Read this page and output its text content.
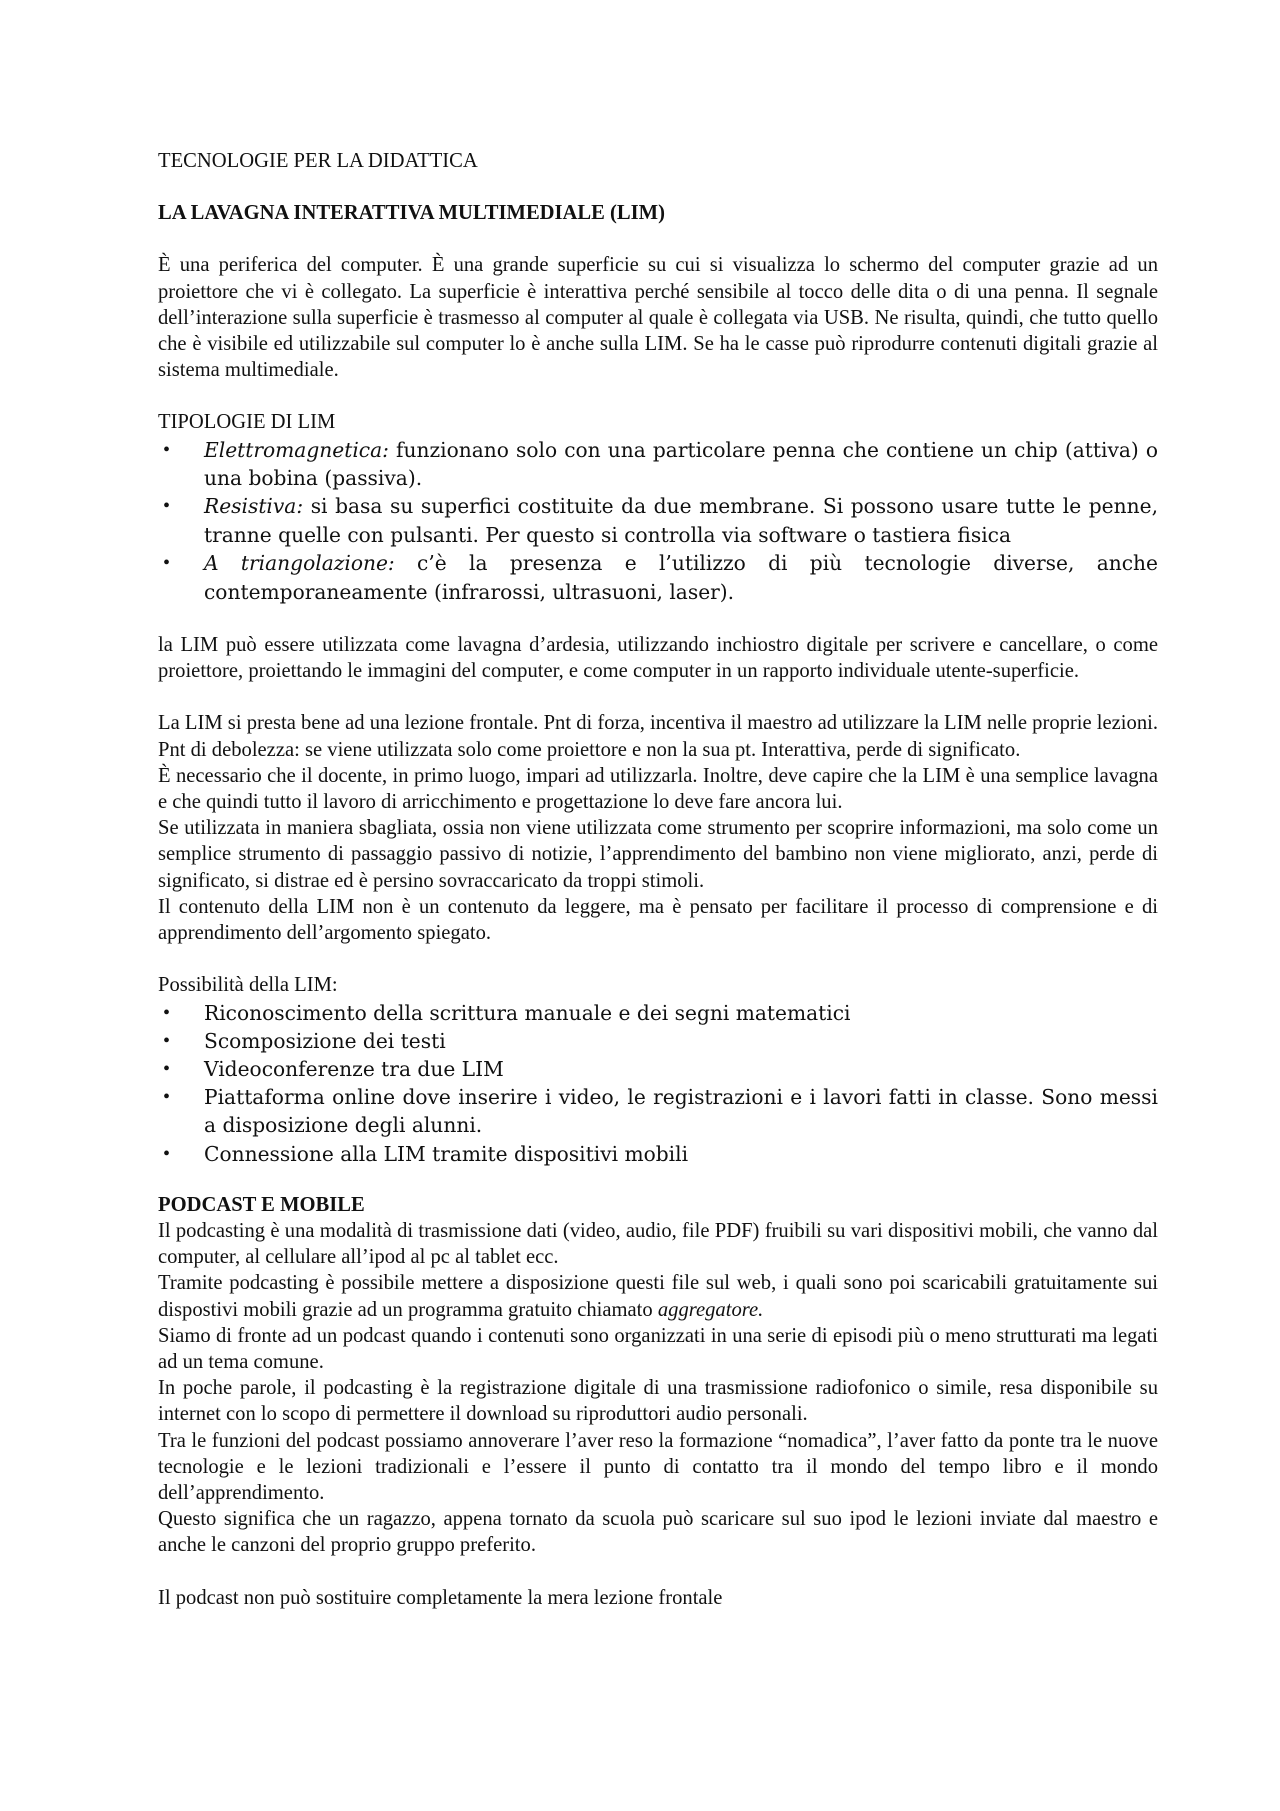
TECNOLOGIE PER LA DIDATTICA

LA LAVAGNA INTERATTIVA MULTIMEDIALE (LIM)

È una periferica del computer. È una grande superficie su cui si visualizza lo schermo del computer grazie ad un proiettore che vi è collegato. La superficie è interattiva perché sensibile al tocco delle dita o di una penna. Il segnale dell’interazione sulla superficie è trasmesso al computer al quale è collegata via USB. Ne risulta, quindi, che tutto quello che è visibile ed utilizzabile sul computer lo è anche sulla LIM. Se ha le casse può riprodurre contenuti digitali grazie al sistema multimediale.

TIPOLOGIE DI LIM

• Elettromagnetica: funzionano solo con una particolare penna che contiene un chip (attiva) o una bobina (passiva).
• Resistiva: si basa su superfici costituite da due membrane. Si possono usare tutte le penne, tranne quelle con pulsanti. Per questo si controlla via software o tastiera fisica
• A triangolazione: c’è la presenza e l’utilizzo di più tecnologie diverse, anche contemporaneamente (infrarossi, ultrasuoni, laser).

la LIM può essere utilizzata come lavagna d’ardesia, utilizzando inchiostro digitale per scrivere e cancellare, o come proiettore, proiettando le immagini del computer, e come computer in un rapporto individuale utente-superficie.

La LIM si presta bene ad una lezione frontale. Pnt di forza, incentiva il maestro ad utilizzare la LIM nelle proprie lezioni. Pnt di debolezza: se viene utilizzata solo come proiettore e non la sua pt. Interattiva, perde di significato.

È necessario che il docente, in primo luogo, impari ad utilizzarla. Inoltre, deve capire che la LIM è una semplice lavagna e che quindi tutto il lavoro di arricchimento e progettazione lo deve fare ancora lui.

Se utilizzata in maniera sbagliata, ossia non viene utilizzata come strumento per scoprire informazioni, ma solo come un semplice strumento di passaggio passivo di notizie, l’apprendimento del bambino non viene migliorato, anzi, perde di significato, si distrae ed è persino sovraccaricato da troppi stimoli.

Il contenuto della LIM non è un contenuto da leggere, ma è pensato per facilitare il processo di comprensione e di apprendimento dell’argomento spiegato.

Possibilità della LIM:

• Riconoscimento della scrittura manuale e dei segni matematici
• Scomposizione dei testi
• Videoconferenze tra due LIM
• Piattaforma online dove inserire i video, le registrazioni e i lavori fatti in classe. Sono messi a disposizione degli alunni.
• Connessione alla LIM tramite dispositivi mobili

PODCAST E MOBILE

Il podcasting è una modalità di trasmissione dati (video, audio, file PDF) fruibili su vari dispositivi mobili, che vanno dal computer, al cellulare all’ipod al pc al tablet ecc.

Tramite podcasting è possibile mettere a disposizione questi file sul web, i quali sono poi scaricabili gratuitamente sui dispostivi mobili grazie ad un programma gratuito chiamato aggregatore.

Siamo di fronte ad un podcast quando i contenuti sono organizzati in una serie di episodi più o meno strutturati ma legati ad un tema comune.

In poche parole, il podcasting è la registrazione digitale di una trasmissione radiofonico o simile, resa disponibile su internet con lo scopo di permettere il download su riproduttori audio personali.

Tra le funzioni del podcast possiamo annoverare l’aver reso la formazione “nomadica”, l’aver fatto da ponte tra le nuove tecnologie e le lezioni tradizionali e l’essere il punto di contatto tra il mondo del tempo libro e il mondo dell’apprendimento.

Questo significa che un ragazzo, appena tornato da scuola può scaricare sul suo ipod le lezioni inviate dal maestro e anche le canzoni del proprio gruppo preferito.

Il podcast non può sostituire completamente la mera lezione frontale
